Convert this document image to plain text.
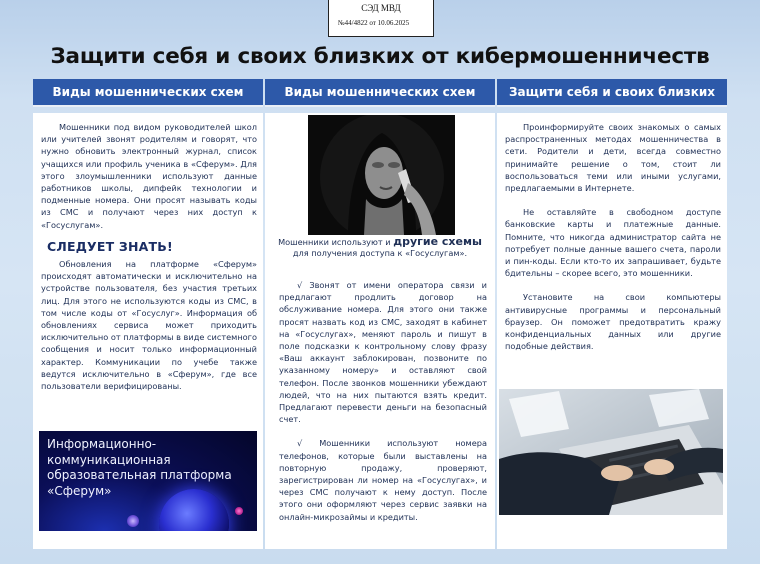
СЭД МВД
№44/4822 от 10.06.2025
Защити себя и своих близких от кибермошенничеств
Виды мошеннических схем	Виды мошеннических схем	Защити себя и своих близких

Мошенники под видом руководителей школ или учителей звонят родителям и говорят, что нужно обновить электронный журнал, список учащихся или профиль ученика в «Сферум». Для этого злоумышленники используют данные работников школы, дипфейк технологии и подменные номера. Они просят называть коды из СМС и получают через них доступ к «Госуслугам».

СЛЕДУЕТ ЗНАТЬ!

Обновления на платформе «Сферум» происходят автоматически и исключительно на устройстве пользователя, без участия третьих лиц. Для этого не используются коды из СМС, в том числе коды от «Госуслуг». Информация об обновлениях сервиса может приходить исключительно от платформы в виде системного сообщения и носит только информационный характер. Коммуникации по учебе также ведутся исключительно в «Сферум», где все пользователи верифицированы.

Информационно-коммуникационная образовательная платформа «Сферум»
Мошенники используют и другие схемы
для получения доступа к «Госуслугам».

√ Звонят от имени оператора связи и предлагают продлить договор на обслуживание номера. Для этого они также просят назвать код из СМС, заходят в кабинет на «Госуслугах», меняют пароль и пишут в поле подсказки к контрольному слову фразу «Ваш аккаунт заблокирован, позвоните по указанному номеру» и оставляют свой телефон. После звонков мошенники убеждают людей, что на них пытаются взять кредит. Предлагают перевести деньги на безопасный счет.

√ Мошенники используют номера телефонов, которые были выставлены на повторную продажу, проверяют, зарегистрирован ли номер на «Госуслугах», и через СМС получают к нему доступ. После этого они оформляют через сервис заявки на онлайн-микрозаймы и кредиты.

Проинформируйте своих знакомых о самых распространенных методах мошенничества в сети. Родители и дети, всегда совместно принимайте решение о том, стоит ли воспользоваться теми или иными услугами, предлагаемыми в Интернете.

Не оставляйте в свободном доступе банковские карты и платежные данные. Помните, что никогда администратор сайта не потребует полные данные вашего счета, пароли и пин-коды. Если кто-то их запрашивает, будьте бдительны – скорее всего, это мошенники.

Установите на свои компьютеры антивирусные программы и персональный браузер. Он поможет предотвратить кражу конфиденциальных данных или другие подобные действия.
